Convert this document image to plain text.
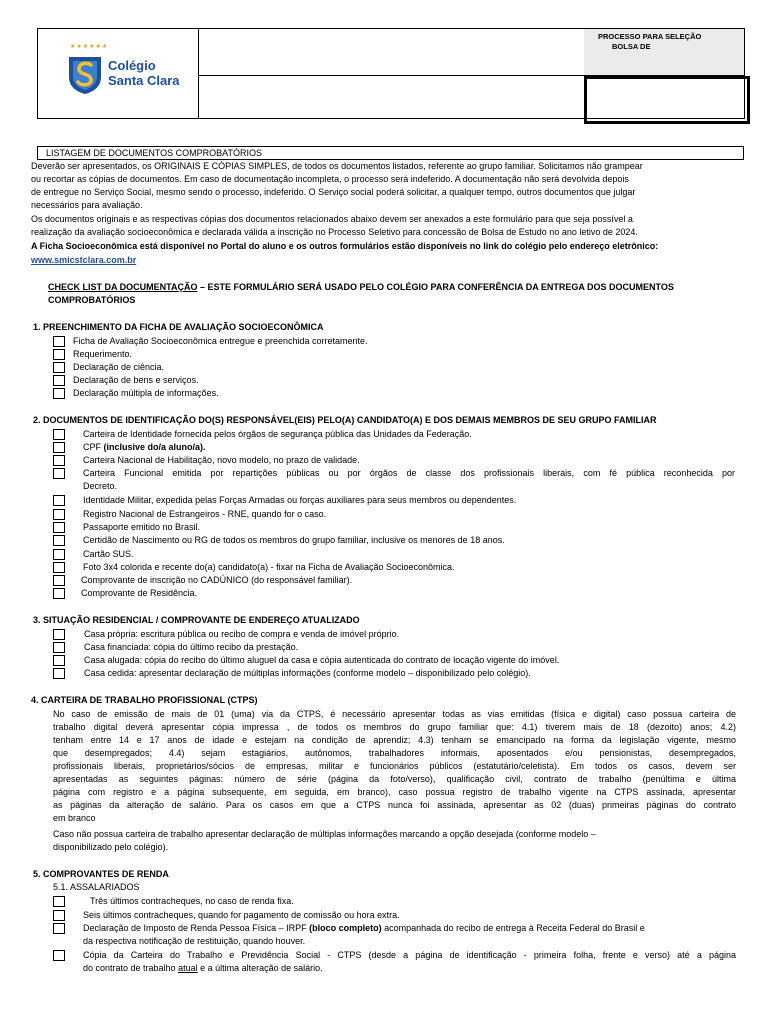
★★★★★★
Colégio
Santa Clara
PROCESSO PARA SELEÇÃO
BOLSA DE
LISTAGEM DE DOCUMENTOS COMPROBATÓRIOS
Deverão ser apresentados, os ORIGINAIS E CÓPIAS SIMPLES, de todos os documentos listados, referente ao grupo familiar. Solicitamos não grampear
ou recortar as cópias de documentos. Em caso de documentação incompleta, o processo será indeferido. A documentação não será devolvida depois
de entregue no Serviço Social, mesmo sendo o processo, indeferido. O Serviço social poderá solicitar, a qualquer tempo, outros documentos que julgar
necessários para avaliação.
Os documentos originais e as respectivas cópias dos documentos relacionados abaixo devem ser anexados a este formulário para que seja possível a
realização da avaliação socioeconômica e declarada válida a inscrição no Processo Seletivo para concessão de Bolsa de Estudo no ano letivo de 2024.
A Ficha Socioeconômica está disponível no Portal do aluno e os outros formulários estão disponíveis no link do colégio pelo endereço eletrônico:
www.smicstclara.com.br
CHECK LIST DA DOCUMENTAÇÃO – ESTE FORMULÁRIO SERÁ USADO PELO COLÉGIO PARA CONFERÊNCIA DA ENTREGA DOS DOCUMENTOS
COMPROBATÓRIOS
1. PREENCHIMENTO DA FICHA DE AVALIAÇÃO SOCIOECONÔMICA
Ficha de Avaliação Socioeconômica entregue e preenchida corretamente.
Requerimento.
Declaração de ciência.
Declaração de bens e serviços.
Declaração múltipla de informações.
2. DOCUMENTOS DE IDENTIFICAÇÃO DO(S) RESPONSÁVEL(EIS) PELO(A) CANDIDATO(A) E DOS DEMAIS MEMBROS DE SEU GRUPO FAMILIAR
Carteira de Identidade fornecida pelos órgãos de segurança pública das Unidades da Federação.
CPF (inclusive do/a aluno/a).
Carteira Nacional de Habilitação, novo modelo, no prazo de validade.
Carteira Funcional emitida por repartições públicas ou por órgãos de classe dos profissionais liberais, com fé pública reconhecida por
Decreto.
Identidade Militar, expedida pelas Forças Armadas ou forças auxiliares para seus membros ou dependentes.
Registro Nacional de Estrangeiros - RNE, quando for o caso.
Passaporte emitido no Brasil.
Certidão de Nascimento ou RG de todos os membros do grupo familiar, inclusive os menores de 18 anos.
Cartão SUS.
Foto 3x4 colorida e recente do(a) candidato(a) - fixar na Ficha de Avaliação Socioeconômica.
Comprovante de inscrição no CADÚNICO (do responsável familiar).
Comprovante de Residência.
3. SITUAÇÃO RESIDENCIAL / COMPROVANTE DE ENDEREÇO ATUALIZADO
Casa própria: escritura pública ou recibo de compra e venda de imóvel próprio.
Casa financiada: cópia do último recibo da prestação.
Casa alugada: cópia do recibo do último aluguel da casa e cópia autenticada do contrato de locação vigente do imóvel.
Casa cedida: apresentar declaração de múltiplas informações (conforme modelo – disponibilizado pelo colégio).
4. CARTEIRA DE TRABALHO PROFISSIONAL (CTPS)
No caso de emissão de mais de 01 (uma) via da CTPS, é necessário apresentar todas as vias emitidas (física e digital) caso possua carteira de
trabalho digital deverá apresentar cópia impressa , de todos os membros do grupo familiar que: 4.1) tiverem mais de 18 (dezoito) anos; 4.2)
tenham entre 14 e 17 anos de idade e estejam na condição de aprendiz; 4.3) tenham se emancipado na forma da legislação vigente, mesmo
que desempregados; 4.4) sejam estagiários, autônomos, trabalhadores informais, aposentados e/ou pensionistas, desempregados,
profissionais liberais, proprietários/sócios de empresas, militar e funcionários públicos (estatutário/celetista). Em todos os casos, devem ser
apresentadas as seguintes páginas: número de série (página da foto/verso), qualificação civil, contrato de trabalho (penúltima e última
página com registro e a página subsequente, em seguida, em branco), caso possua registro de trabalho vigente na CTPS assinada, apresentar
as páginas da alteração de salário. Para os casos em que a CTPS nunca foi assinada, apresentar as 02 (duas) primeiras páginas do contrato
em branco
Caso não possua carteira de trabalho apresentar declaração de múltiplas informações marcando a opção desejada (conforme modelo –
disponibilizado pelo colégio).
5. COMPROVANTES DE RENDA
5.1. ASSALARIADOS
Três últimos contracheques, no caso de renda fixa.
Seis últimos contracheques, quando for pagamento de comissão ou hora extra.
Declaração de Imposto de Renda Pessoa Física – IRPF (bloco completo) acompanhada do recibo de entrega à Receita Federal do Brasil e
da respectiva notificação de restituição, quando houver.
Cópia da Carteira do Trabalho e Previdência Social - CTPS (desde a página de identificação - primeira folha, frente e verso) até a página
do contrato de trabalho atual e a última alteração de salário.
